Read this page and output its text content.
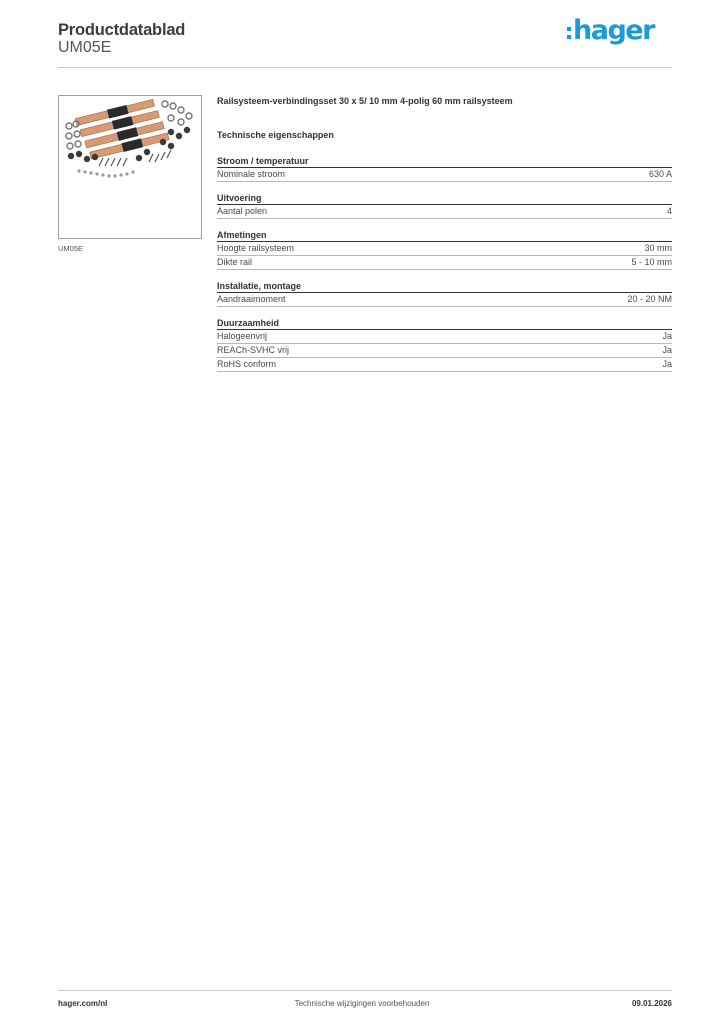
Productdatablad
UM05E
hager
UM05E
Railsysteem-verbindingsset 30 x 5/ 10 mm 4-polig 60 mm railsysteem
Technische eigenschappen
Stroom / temperatuur
Nominale stroom	630 A
Uitvoering
Aantal polen	4
Afmetingen
Hoogte railsysteem	30 mm
Dikte rail	5 - 10 mm
Installatie, montage
Aandraaimoment	20 - 20 NM
Duurzaamheid
Halogeenvrij	Ja
REACh-SVHC vrij	Ja
RoHS conform	Ja
hager.com/nl	Technische wijzigingen voorbehouden	09.01.2026
